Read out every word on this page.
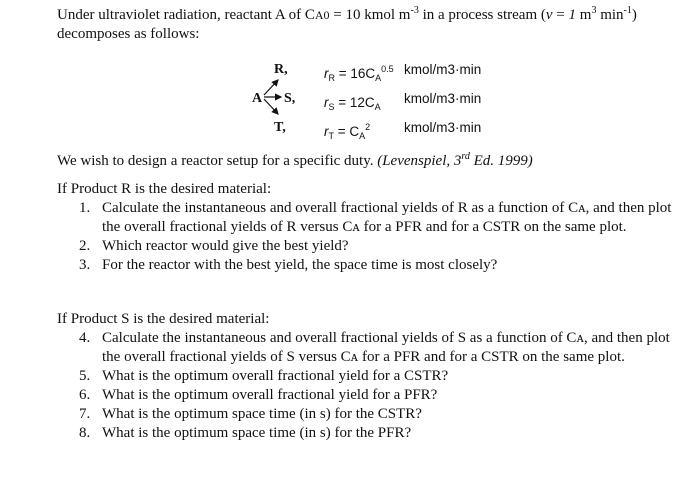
Under ultraviolet radiation, reactant A of CA0 = 10 kmol $m^{-3}$ in a process stream (v = 1 $m^3$ $\min^{-1}$)
decomposes as follows:
A
R,
S,
T,
$r_R = 16C_A^{0.5}$ kmol/m3·min
$r_S = 12C_A$
kmol/m3·min
$r_T = C_A^2$	kmol/m3·min
We wish to design a reactor setup for a specific duty. (Levenspiel, 3rd Ed. 1999)
If Product R is the desired material:
1. Calculate the instantaneous and overall fractional yields of R as a function of Cᴀ, and then plot the overall fractional yields of R versus Cᴀ for a PFR and for a CSTR on the same plot.
2. Which reactor would give the best yield?
3. For the reactor with the best yield, the space time is most closely?
If Product S is the desired material:
4. Calculate the instantaneous and overall fractional yields of S as a function of Cᴀ, and then plot the overall fractional yields of S versus Cᴀ for a PFR and for a CSTR on the same plot.
5. What is the optimum overall fractional yield for a CSTR?
6. What is the optimum overall fractional yield for a PFR?
7. What is the optimum space time (in s) for the CSTR?
8. What is the optimum space time (in s) for the PFR?
